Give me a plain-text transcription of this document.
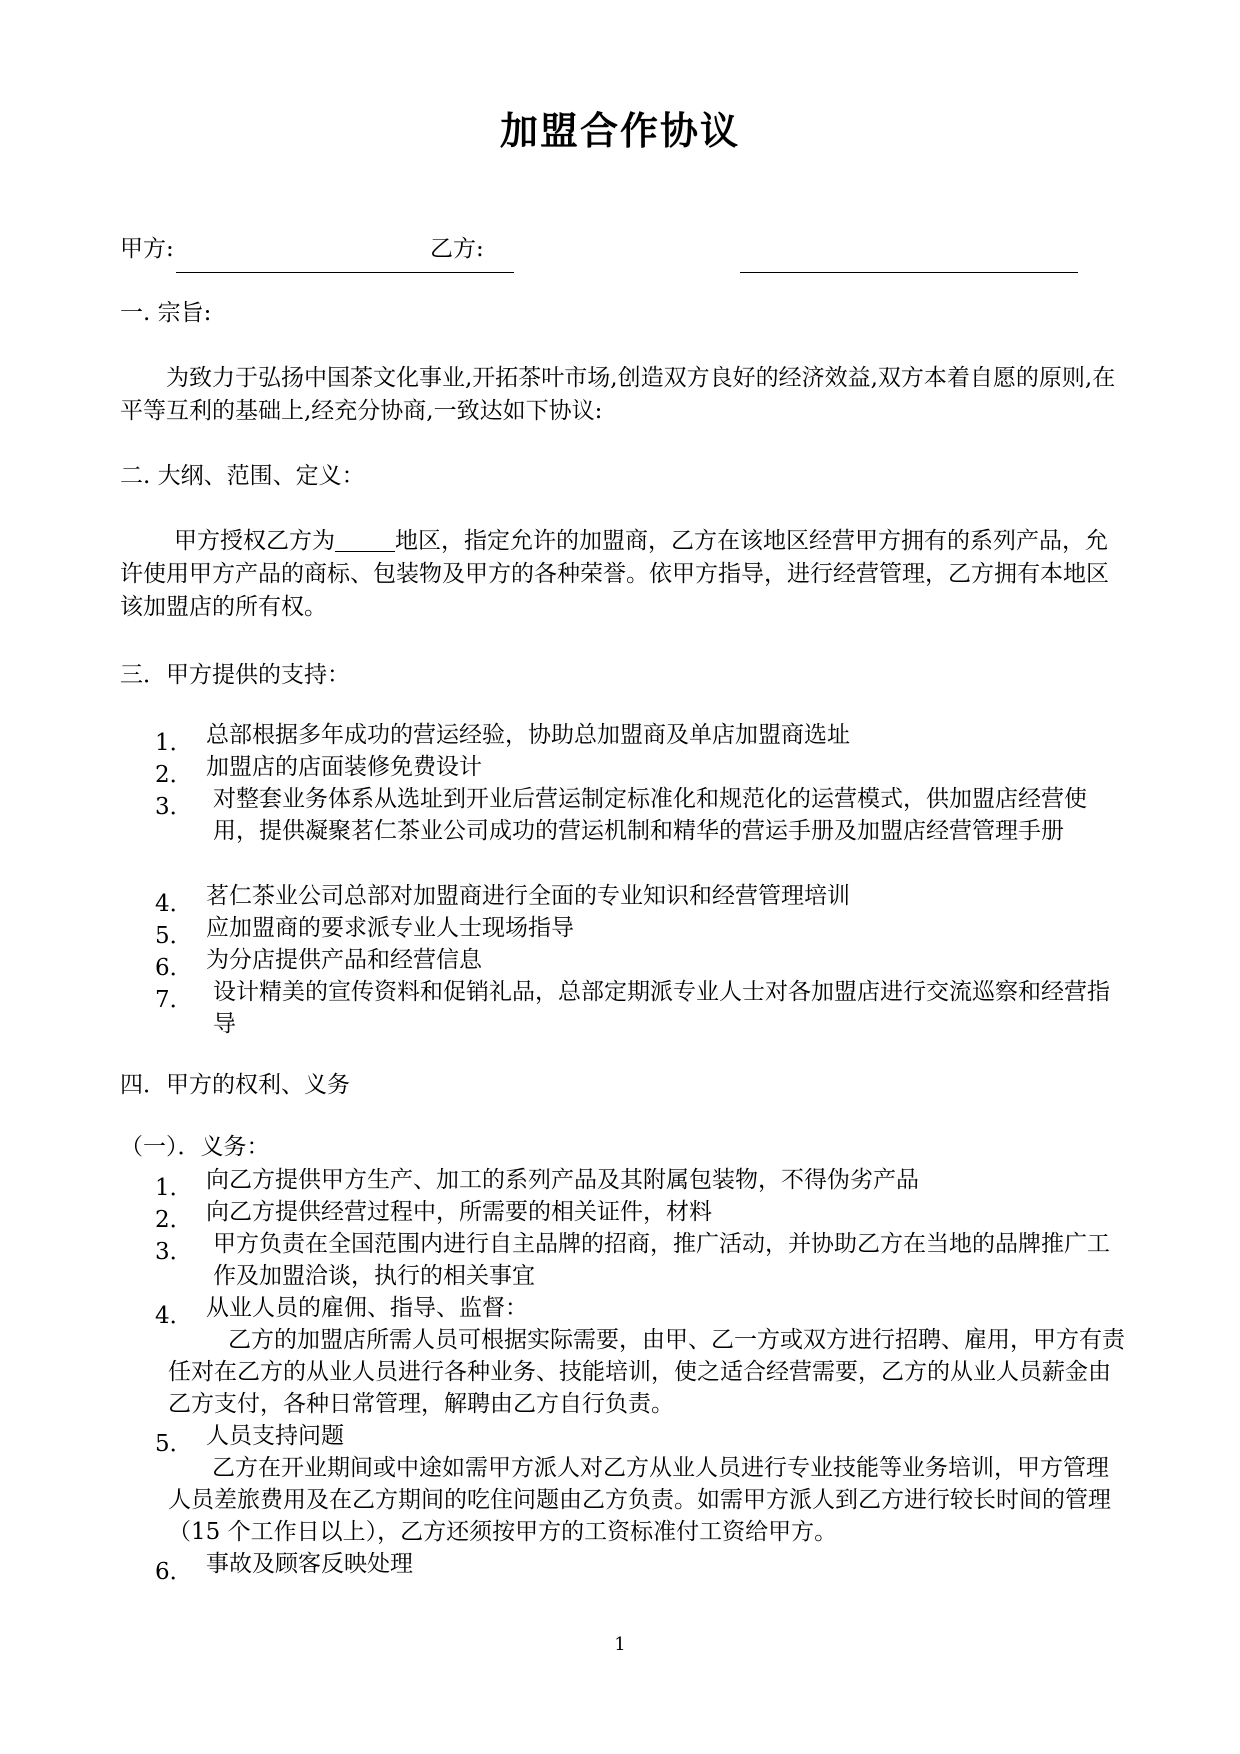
加盟合作协议
甲方:	乙方:
一. 宗旨:
为致力于弘扬中国茶文化事业,开拓茶叶市场,创造双方良好的经济效益,双方本着自愿的原则,在平等互利的基础上,经充分协商,一致达如下协议:
二. 大纲、范围、定义：
甲方授权乙方为	地区，指定允许的加盟商，乙方在该地区经营甲方拥有的系列产品，允许使用甲方产品的商标、包装物及甲方的各种荣誉。依甲方指导，进行经营管理，乙方拥有本地区该加盟店的所有权。
三．甲方提供的支持：
1． 总部根据多年成功的营运经验，协助总加盟商及单店加盟商选址
2． 加盟店的店面装修免费设计
3． 对整套业务体系从选址到开业后营运制定标准化和规范化的运营模式，供加盟店经营使用，提供凝聚茗仁茶业公司成功的营运机制和精华的营运手册及加盟店经营管理手册
4． 茗仁茶业公司总部对加盟商进行全面的专业知识和经营管理培训
5． 应加盟商的要求派专业人士现场指导
6． 为分店提供产品和经营信息
7． 设计精美的宣传资料和促销礼品，总部定期派专业人士对各加盟店进行交流巡察和经营指导
四．甲方的权利、义务
（一）．义务：
1． 向乙方提供甲方生产、加工的系列产品及其附属包装物，不得伪劣产品
2． 向乙方提供经营过程中，所需要的相关证件，材料
3． 甲方负责在全国范围内进行自主品牌的招商，推广活动，并协助乙方在当地的品牌推广工作及加盟洽谈，执行的相关事宜
4． 从业人员的雇佣、指导、监督：
乙方的加盟店所需人员可根据实际需要，由甲、乙一方或双方进行招聘、雇用，甲方有责任对在乙方的从业人员进行各种业务、技能培训，使之适合经营需要，乙方的从业人员薪金由乙方支付，各种日常管理，解聘由乙方自行负责。
5． 人员支持问题
乙方在开业期间或中途如需甲方派人对乙方从业人员进行专业技能等业务培训，甲方管理人员差旅费用及在乙方期间的吃住问题由乙方负责。如需甲方派人到乙方进行较长时间的管理（15 个工作日以上），乙方还须按甲方的工资标准付工资给甲方。
6． 事故及顾客反映处理
1
